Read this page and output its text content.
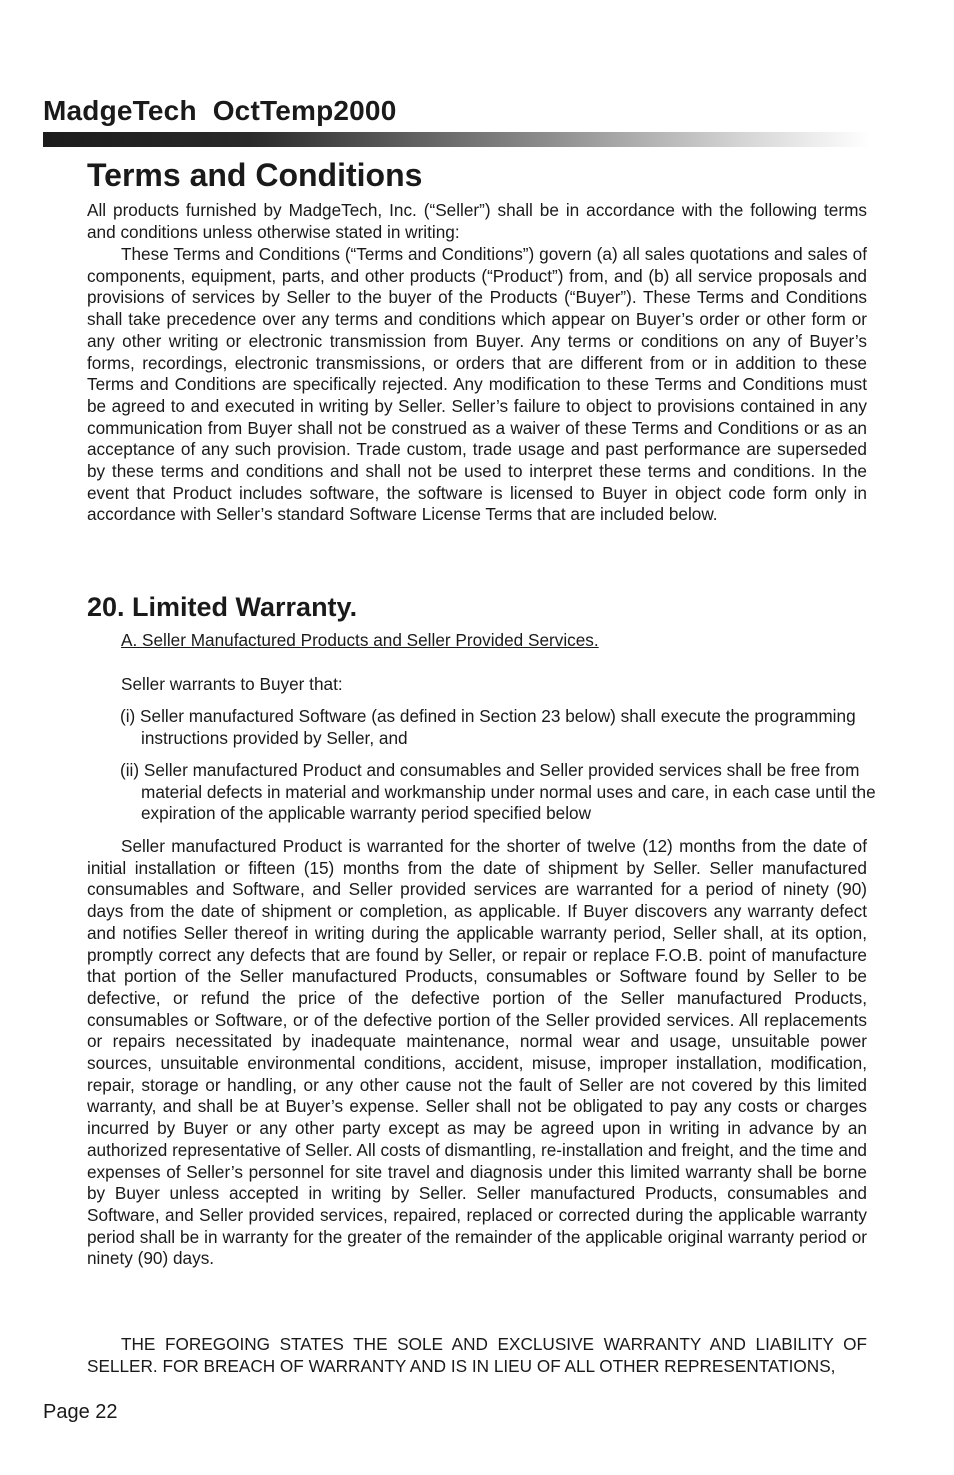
MadgeTech  OctTemp2000
Terms and Conditions

All products furnished by MadgeTech, Inc. (“Seller”) shall be in accordance with the following terms and conditions unless otherwise stated in writing:

These Terms and Conditions (“Terms and Conditions”) govern (a) all sales quotations and sales of components, equipment, parts, and other products (“Product”) from, and (b) all service proposals and provisions of services by Seller to the buyer of the Products (“Buyer”). These Terms and Conditions shall take precedence over any terms and conditions which appear on Buyer’s order or other form or any other writing or electronic transmission from Buyer. Any terms or conditions on any of Buyer’s forms, recordings, electronic transmissions, or orders that are different from or in addition to these Terms and Conditions are specifically rejected. Any modification to these Terms and Conditions must be agreed to and executed in writing by Seller. Seller’s failure to object to provisions contained in any communication from Buyer shall not be construed as a waiver of these Terms and Conditions or as an acceptance of any such provision. Trade custom, trade usage and past performance are superseded by these terms and conditions and shall not be used to interpret these terms and conditions. In the event that Product includes software, the software is licensed to Buyer in object code form only in accordance with Seller’s standard Software License Terms that are included below.

20. Limited Warranty.

A. Seller Manufactured Products and Seller Provided Services.

Seller warrants to Buyer that:

(i) Seller manufactured Software (as defined in Section 23 below) shall execute the programming instructions provided by Seller, and

(ii) Seller manufactured Product and consumables and Seller provided services shall be free from material defects in material and workmanship under normal uses and care, in each case until the expiration of the applicable warranty period specified below

Seller manufactured Product is warranted for the shorter of twelve (12) months from the date of initial installation or fifteen (15) months from the date of shipment by Seller. Seller manufactured consumables and Software, and Seller provided services are warranted for a period of ninety (90) days from the date of shipment or completion, as applicable. If Buyer discovers any warranty defect and notifies Seller thereof in writing during the applicable warranty period, Seller shall, at its option, promptly correct any defects that are found by Seller, or repair or replace F.O.B. point of manufacture that portion of the Seller manufactured Products, consumables or Software found by Seller to be defective, or refund the price of the defective portion of the Seller manufactured Products, consumables or Software, or of the defective portion of the Seller provided services. All replacements or repairs necessitated by inadequate maintenance, normal wear and usage, unsuitable power sources, unsuitable environmental conditions, accident, misuse, improper installation, modification, repair, storage or handling, or any other cause not the fault of Seller are not covered by this limited warranty, and shall be at Buyer’s expense. Seller shall not be obligated to pay any costs or charges incurred by Buyer or any other party except as may be agreed upon in writing in advance by an authorized representative of Seller. All costs of dismantling, re-installation and freight, and the time and expenses of Seller’s personnel for site travel and diagnosis under this limited warranty shall be borne by Buyer unless accepted in writing by Seller. Seller manufactured Products, consumables and Software, and Seller provided services, repaired, replaced or corrected during the applicable warranty period shall be in warranty for the greater of the remainder of the applicable original warranty period or ninety (90) days.

THE FOREGOING STATES THE SOLE AND EXCLUSIVE WARRANTY AND LIABILITY OF SELLER. FOR BREACH OF WARRANTY AND IS IN LIEU OF ALL OTHER REPRESENTATIONS,

Page 22
